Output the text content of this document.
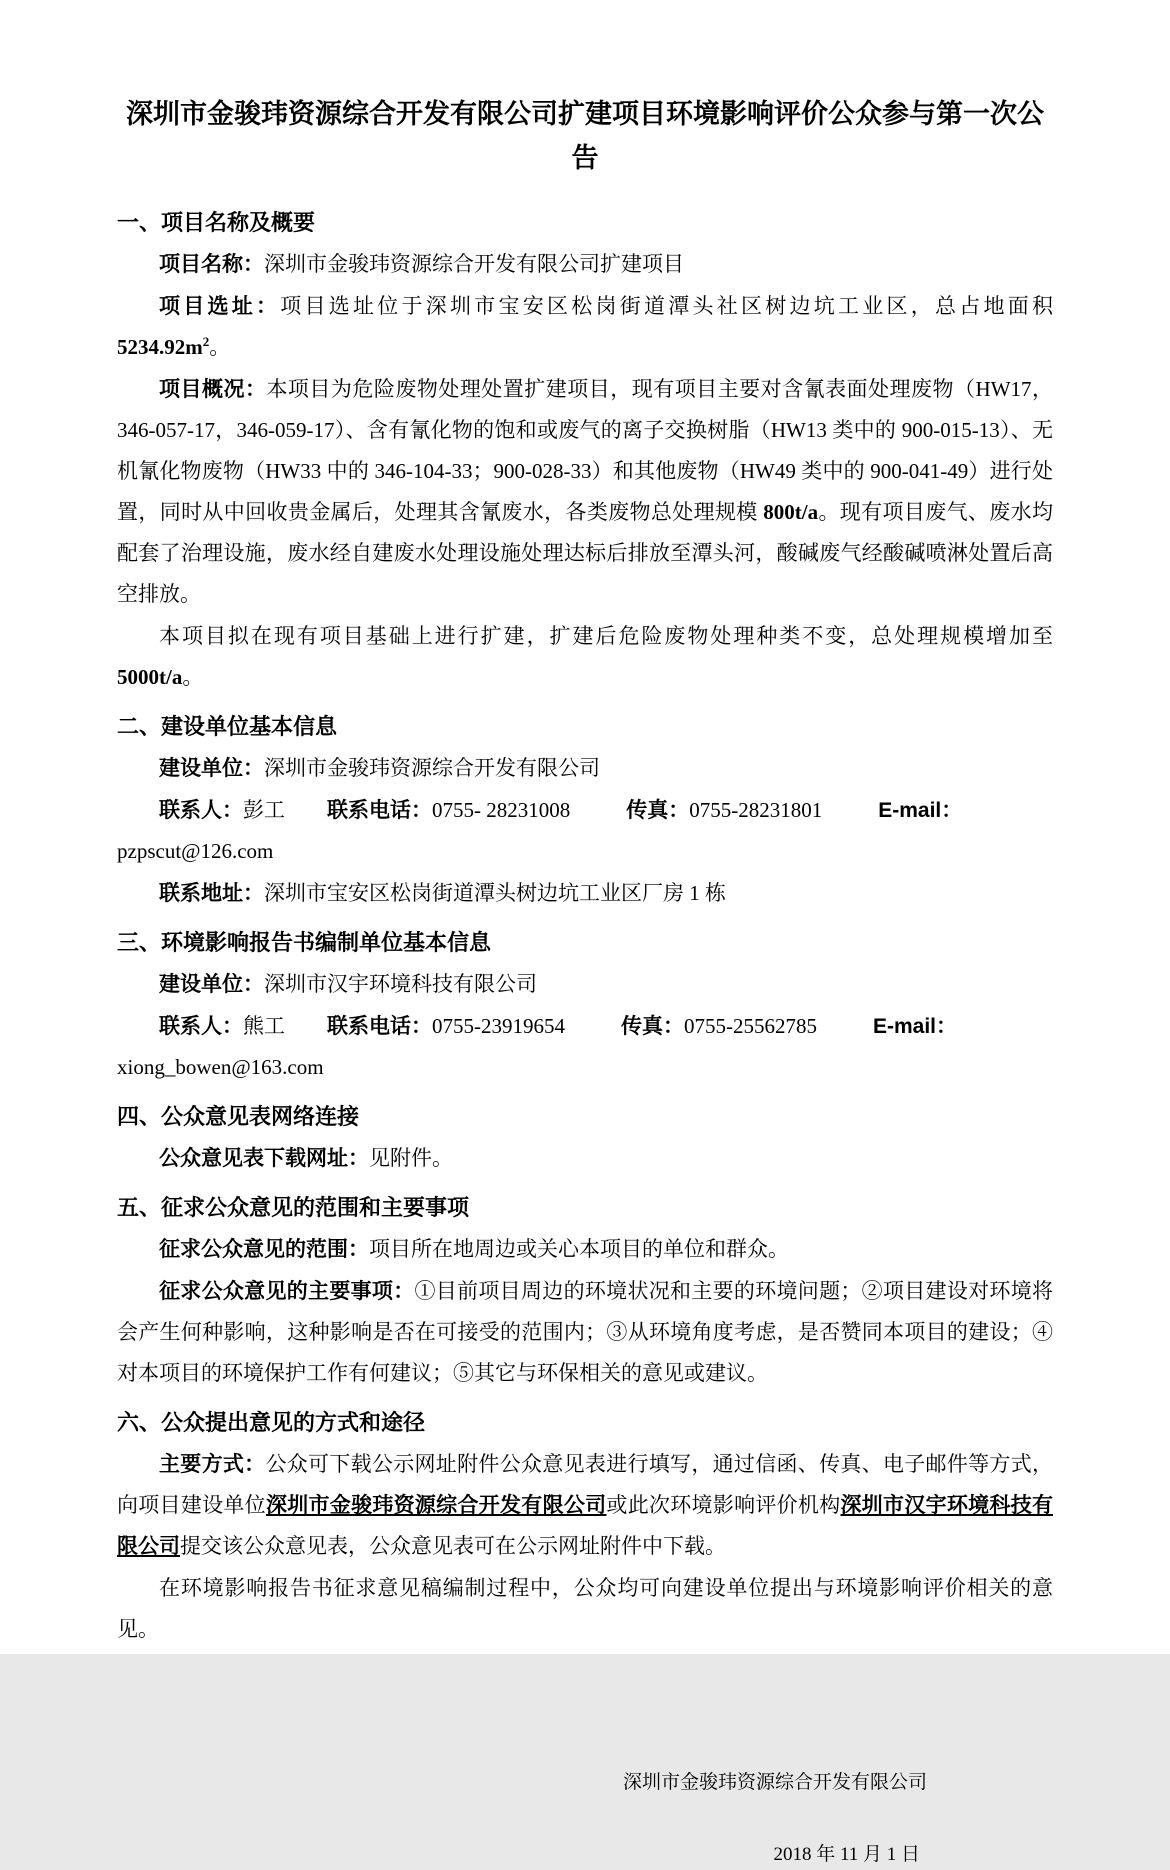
深圳市金骏玮资源综合开发有限公司扩建项目环境影响评价公众参与第一次公告
一、项目名称及概要

项目名称：深圳市金骏玮资源综合开发有限公司扩建项目

项目选址：项目选址位于深圳市宝安区松岗街道潭头社区树边坑工业区，总占地面积 $5234.92m^2$。

项目概况：本项目为危险废物处理处置扩建项目，现有项目主要对含氰表面处理废物（HW17，346-057-17，346-059-17）、含有氰化物的饱和或废气的离子交换树脂（HW13 类中的 900-015-13）、无机氰化物废物（HW33 中的 346-104-33；900-028-33）和其他废物（HW49 类中的 900-041-49）进行处置，同时从中回收贵金属后，处理其含氰废水，各类废物总处理规模 800t/a。现有项目废气、废水均配套了治理设施，废水经自建废水处理设施处理达标后排放至潭头河，酸碱废气经酸碱喷淋处置后高空排放。

本项目拟在现有项目基础上进行扩建，扩建后危险废物处理种类不变，总处理规模增加至 5000t/a。

二、建设单位基本信息

建设单位：深圳市金骏玮资源综合开发有限公司

联系人：彭工 联系电话：0755- 28231008	传真：0755-28231801	E-mail：pzpscut@126.com

联系地址：深圳市宝安区松岗街道潭头树边坑工业区厂房 1 栋

三、环境影响报告书编制单位基本信息

建设单位：深圳市汉宇环境科技有限公司

联系人：熊工 联系电话：0755-23919654	传真：0755-25562785	E-mail：xiong_bowen@163.com

四、公众意见表网络连接

公众意见表下载网址：见附件。

五、征求公众意见的范围和主要事项

征求公众意见的范围：项目所在地周边或关心本项目的单位和群众。

征求公众意见的主要事项：①目前项目周边的环境状况和主要的环境问题；②项目建设对环境将会产生何种影响，这种影响是否在可接受的范围内；③从环境角度考虑，是否赞同本项目的建设；④对本项目的环境保护工作有何建议；⑤其它与环保相关的意见或建议。

六、公众提出意见的方式和途径

主要方式：公众可下载公示网址附件公众意见表进行填写，通过信函、传真、电子邮件等方式，向项目建设单位深圳市金骏玮资源综合开发有限公司或此次环境影响评价机构深圳市汉宇环境科技有限公司提交该公众意见表，公众意见表可在公示网址附件中下载。

在环境影响报告书征求意见稿编制过程中，公众均可向建设单位提出与环境影响评价相关的意见。

深圳市金骏玮资源综合开发有限公司
2018 年 11 月 1 日
